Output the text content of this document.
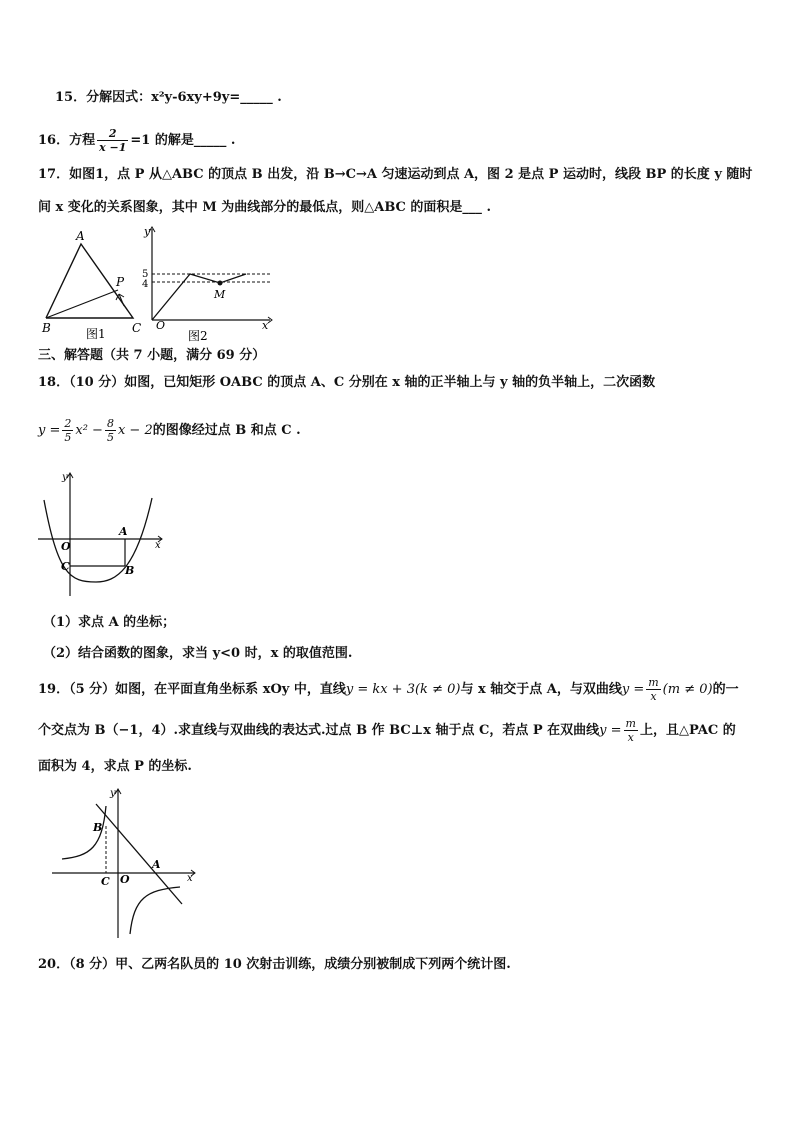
15．分解因式：x²y-6xy+9y=_____ .
16．方程 $\frac{2}{x -1} =1$ 的解是_____ .
17．如图1，点 P 从△ABC 的顶点 B 出发，沿 B→C→A 匀速运动到点 A，图 2 是点 P 运动时，线段 BP 的长度 y 随时
间 x 变化的关系图象，其中 M 为曲线部分的最低点，则△ABC 的面积是___ .
A
B	C
P
图1
y
x
O
5
4
M
图2
三、解答题（共 7 小题，满分 69 分）
18．（10 分）如图，已知矩形 OABC 的顶点 A、C 分别在 x 轴的正半轴上与 y 轴的负半轴上，二次函数
$y = \frac{2}{5} x^2 - \frac{8}{5}$ x − 2的图像经过点 B 和点 C .
y
x
O
A
B
C
（1）求点 A 的坐标；
（2）结合函数的图象，求当 y<0 时，x 的取值范围.
19．（5 分）如图，在平面直角坐标系 xOy 中，直线y = kx + 3(k ≠ 0)与 x 轴交于点 A，与双曲线$y = \frac{m}{x} (m \ne 0)$的一
个交点为 B（−1，4）.求直线与双曲线的表达式.过点 B 作 BC⊥x 轴于点 C，若点 P 在双曲线$y = \frac{m}{x}$ 上，且△PAC 的
面积为 4，求点 P 的坐标.
y
x
O
A
B
C
20．（8 分）甲、乙两名队员的 10 次射击训练，成绩分别被制成下列两个统计图.
